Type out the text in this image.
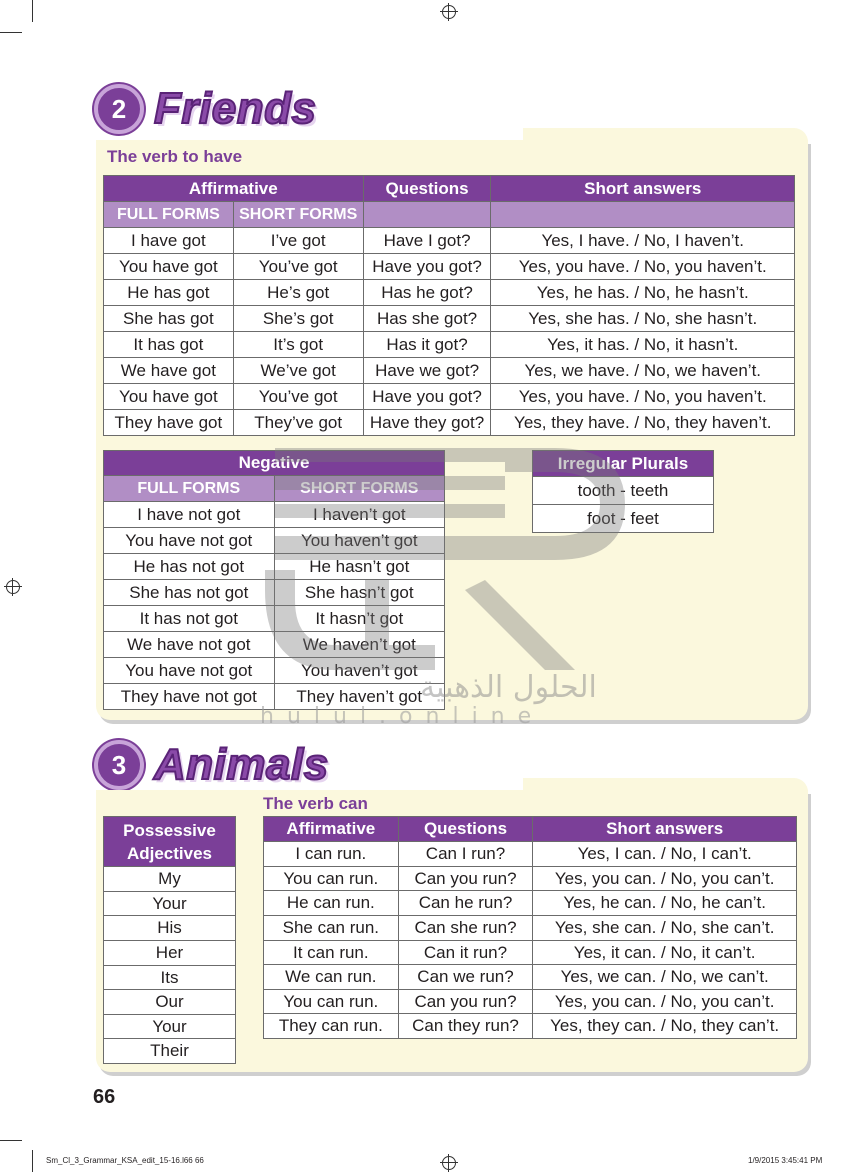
2 Friends
The verb to have
Affirmative		Questions	Short answers
FULL FORMS	SHORT FORMS		
I have got	I’ve got	Have I got?	Yes, I have. / No, I haven’t.
You have got	You’ve got	Have you got?	Yes, you have. / No, you haven’t.
He has got	He’s got	Has he got?	Yes, he has. / No, he hasn’t.
She has got	She’s got	Has she got?	Yes, she has. / No, she hasn’t.
It has got	It’s got	Has it got?	Yes, it has. / No, it hasn’t.
We have got	We’ve got	Have we got?	Yes, we have. / No, we haven’t.
You have got	You’ve got	Have you got?	Yes, you have. / No, you haven’t.
They have got	They’ve got	Have they got?	Yes, they have. / No, they haven’t.
Negative	
FULL FORMS	SHORT FORMS
I have not got	I haven’t got
You have not got	You haven’t got
He has not got	He hasn’t got
She has not got	She hasn’t got
It has not got	It hasn’t got
We have not got	We haven’t got
You have not got	You haven’t got
They have not got	They haven’t got
Irregular Plurals
tooth - teeth
foot - feet
الحلول الذهبية
hulul.online
3 Animals
The verb can
Possessive Adjectives
My
Your
His
Her
Its
Our
Your
Their
Affirmative	Questions	Short answers
I can run.	Can I run?	Yes, I can. / No, I can’t.
You can run.	Can you run?	Yes, you can. / No, you can’t.
He can run.	Can he run?	Yes, he can. / No, he can’t.
She can run.	Can she run?	Yes, she can. / No, she can’t.
It can run.	Can it run?	Yes, it can. / No, it can’t.
We can run.	Can we run?	Yes, we can. / No, we can’t.
You can run.	Can you run?	Yes, you can. / No, you can’t.
They can run.	Can they run?	Yes, they can. / No, they can’t.
66
Sm_Cl_3_Grammar_KSA_edit_15-16.l66 66	1/9/2015 3:45:41 PM
